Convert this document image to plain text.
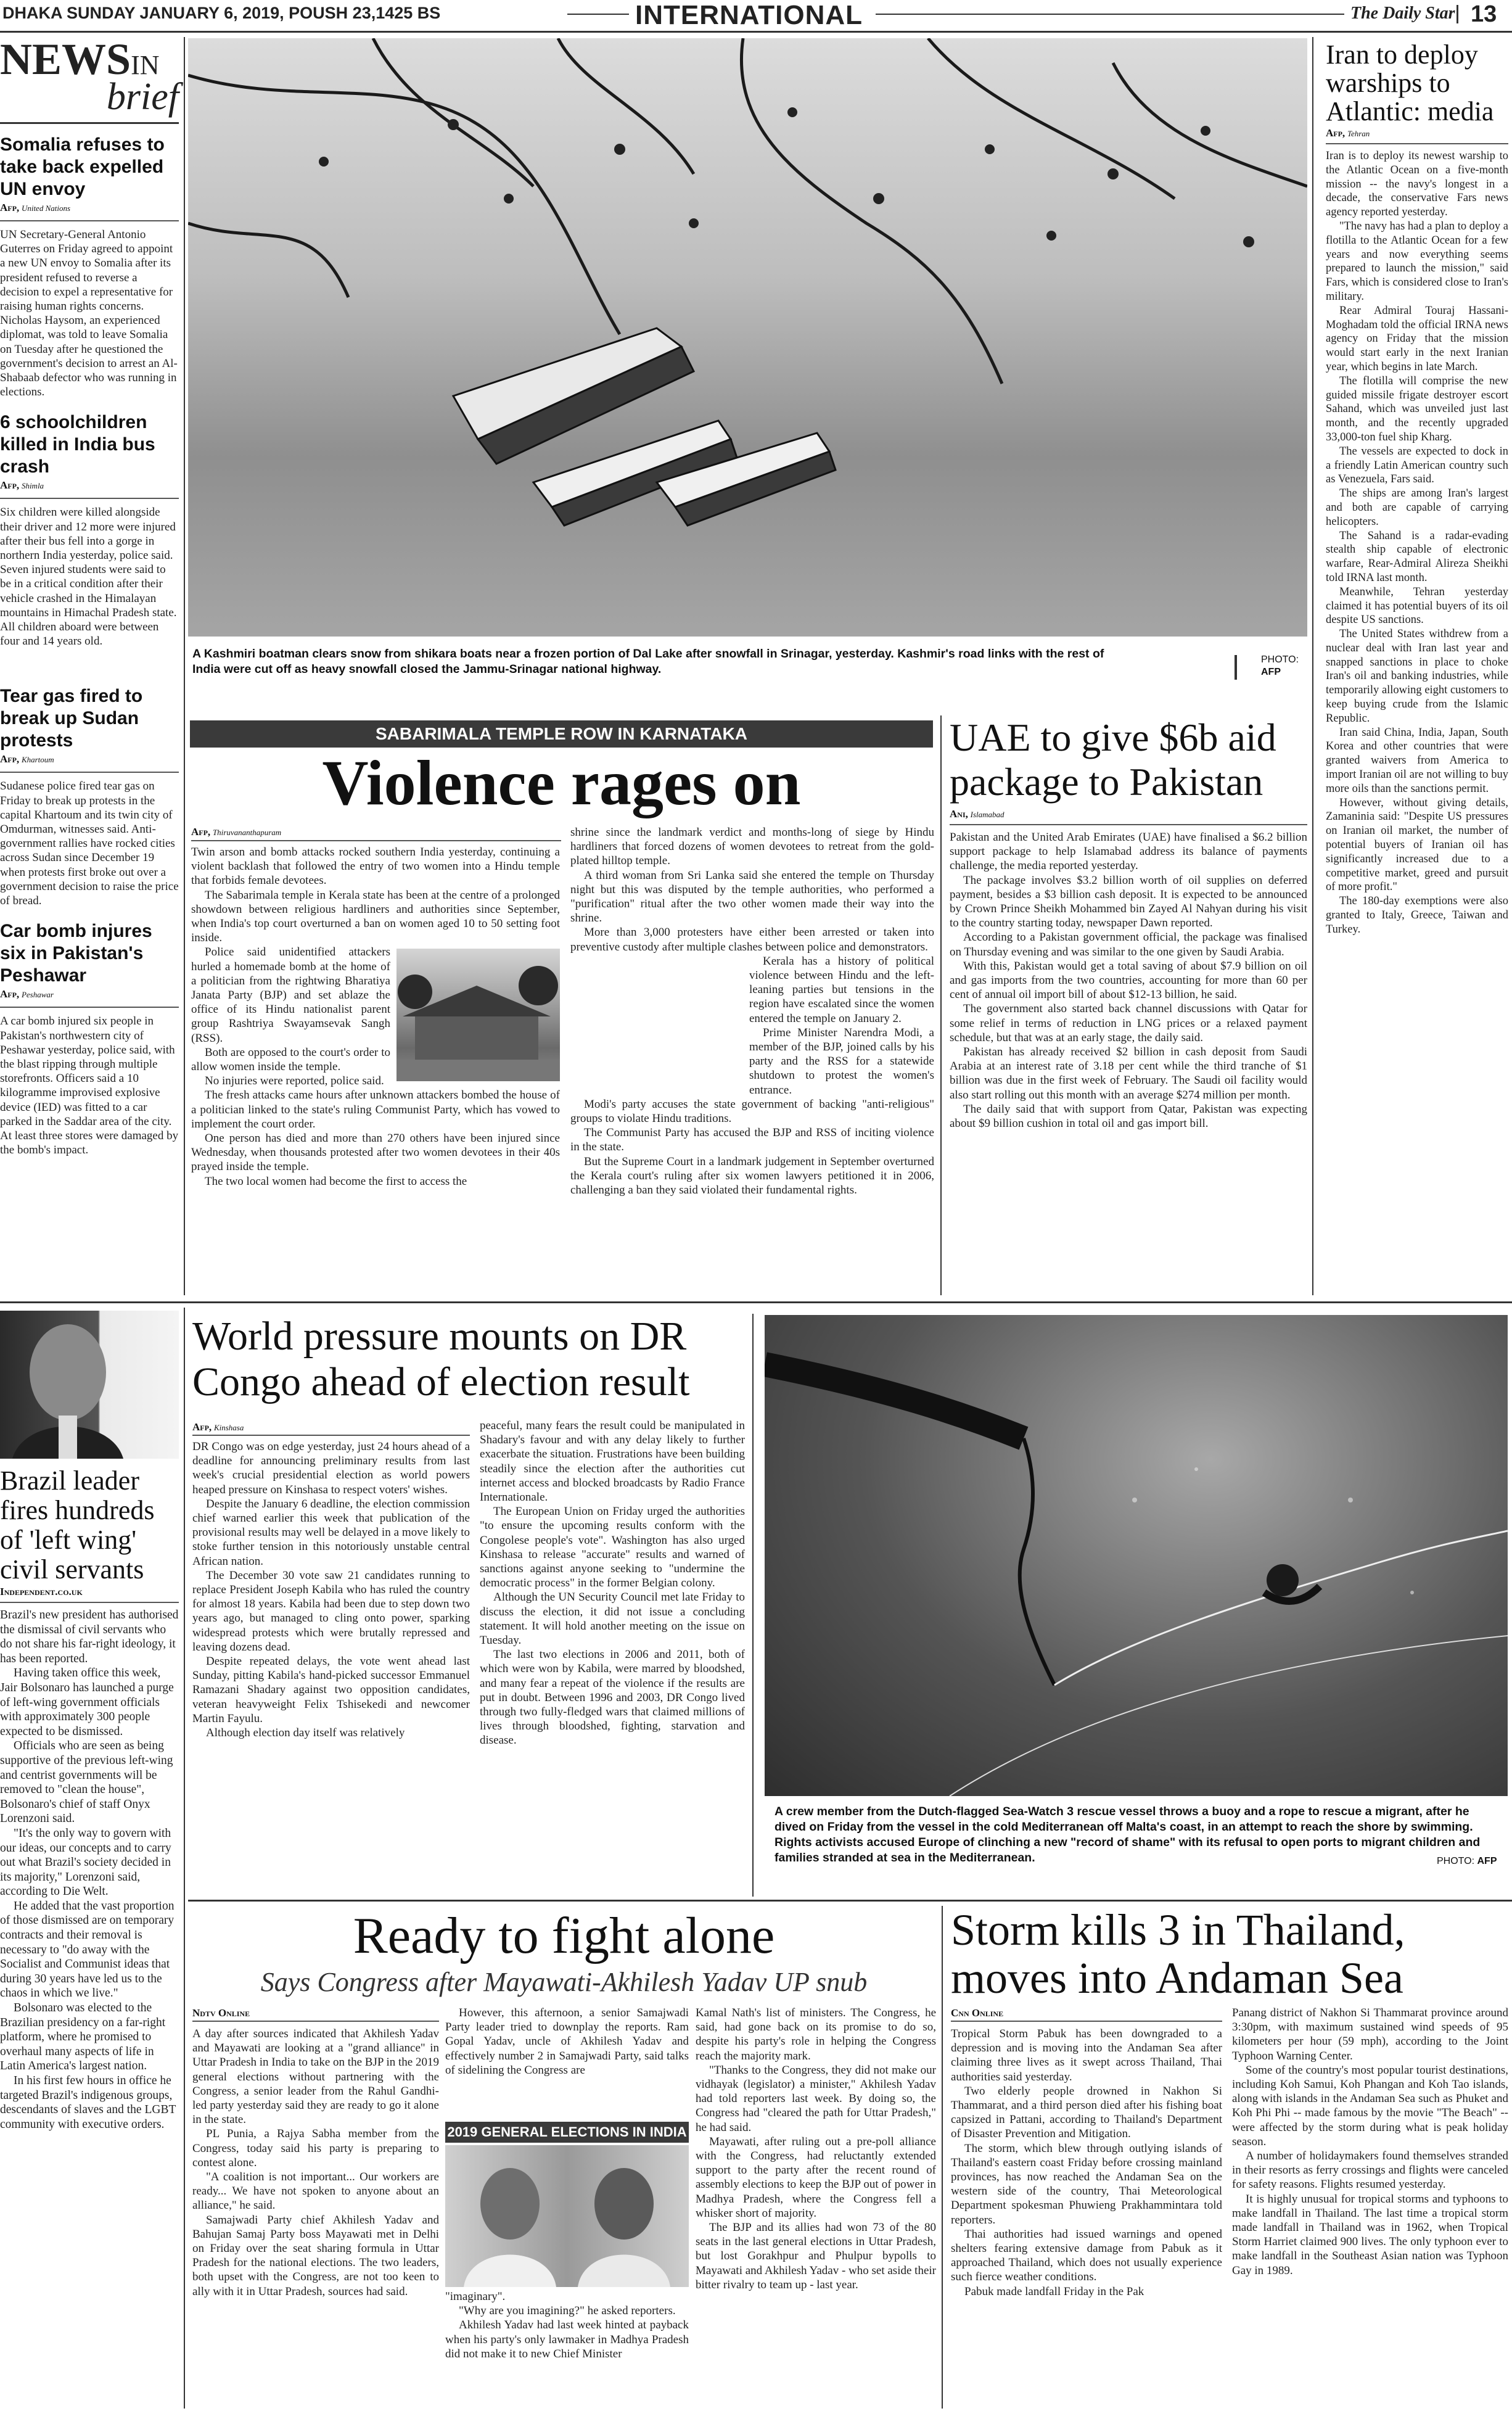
DHAKA SUNDAY JANUARY 6, 2019, POUSH 23,1425 BS	INTERNATIONAL	The Daily Star 13
NEWSIN
brief
Somalia refuses to take back expelled UN envoy
Afp, United Nations

UN Secretary-General Antonio Guterres on Friday agreed to appoint a new UN envoy to Somalia after its president refused to reverse a decision to expel a representative for raising human rights concerns. Nicholas Haysom, an experienced diplomat, was told to leave Somalia on Tuesday after he questioned the government's decision to arrest an Al-Shabaab defector who was running in elections.

6 schoolchildren killed in India bus crash
Afp, Shimla

Six children were killed alongside their driver and 12 more were injured after their bus fell into a gorge in northern India yesterday, police said. Seven injured students were said to be in a critical condition after their vehicle crashed in the Himalayan mountains in Himachal Pradesh state. All children aboard were between four and 14 years old.

Tear gas fired to break up Sudan protests
Afp, Khartoum

Sudanese police fired tear gas on Friday to break up protests in the capital Khartoum and its twin city of Omdurman, witnesses said. Anti-government rallies have rocked cities across Sudan since December 19 when protests first broke out over a government decision to raise the price of bread.

Car bomb injures six in Pakistan's Peshawar
Afp, Peshawar

A car bomb injured six people in Pakistan's northwestern city of Peshawar yesterday, police said, with the blast ripping through multiple storefronts. Officers said a 10 kilogramme improvised explosive device (IED) was fitted to a car parked in the Saddar area of the city. At least three stores were damaged by the bomb's impact.

A Kashmiri boatman clears snow from shikara boats near a frozen portion of Dal Lake after snowfall in Srinagar, yesterday. Kashmir's road links with the rest of India were cut off as heavy snowfall closed the Jammu-Srinagar national highway.
PHOTO:
AFP
Iran to deploy warships to Atlantic: media
Afp, Tehran

Iran is to deploy its newest warship to the Atlantic Ocean on a five-month mission -- the navy's longest in a decade, the conservative Fars news agency reported yesterday.

"The navy has had a plan to deploy a flotilla to the Atlantic Ocean for a few years and now everything seems prepared to launch the mission," said Fars, which is considered close to Iran's military.

Rear Admiral Touraj Hassani-Moghadam told the official IRNA news agency on Friday that the mission would start early in the next Iranian year, which begins in late March.

The flotilla will comprise the new guided missile frigate destroyer escort Sahand, which was unveiled just last month, and the recently upgraded 33,000-ton fuel ship Kharg.

The vessels are expected to dock in a friendly Latin American country such as Venezuela, Fars said.

The ships are among Iran's largest and both are capable of carrying helicopters.

The Sahand is a radar-evading stealth ship capable of electronic warfare, Rear-Admiral Alireza Sheikhi told IRNA last month.

Meanwhile, Tehran yesterday claimed it has potential buyers of its oil despite US sanctions.

The United States withdrew from a nuclear deal with Iran last year and snapped sanctions in place to choke Iran's oil and banking industries, while temporarily allowing eight customers to keep buying crude from the Islamic Republic.

Iran said China, India, Japan, South Korea and other countries that were granted waivers from America to import Iranian oil are not willing to buy more oils than the sanctions permit.

However, without giving details, Zamaninia said: "Despite US pressures on Iranian oil market, the number of potential buyers of Iranian oil has significantly increased due to a competitive market, greed and pursuit of more profit."

The 180-day exemptions were also granted to Italy, Greece, Taiwan and Turkey.

SABARIMALA TEMPLE ROW IN KARNATAKA
Violence rages on
Afp, Thiruvananthapuram

Twin arson and bomb attacks rocked southern India yesterday, continuing a violent backlash that followed the entry of two women into a Hindu temple that forbids female devotees.

The Sabarimala temple in Kerala state has been at the centre of a prolonged showdown between religious hardliners and authorities since September, when India's top court overturned a ban on women aged 10 to 50 setting foot inside.

Police said unidentified attackers hurled a homemade bomb at the home of a politician from the rightwing Bharatiya Janata Party (BJP) and set ablaze the office of its Hindu nationalist parent group Rashtriya Swayamsevak Sangh (RSS).

Both are opposed to the court's order to allow women inside the temple.

No injuries were reported, police said.

The fresh attacks came hours after unknown attackers bombed the house of a politician linked to the state's ruling Communist Party, which has vowed to implement the court order.

One person has died and more than 270 others have been injured since Wednesday, when thousands protested after two women devotees in their 40s prayed inside the temple.

The two local women had become the first to access the

shrine since the landmark verdict and months-long of siege by Hindu hardliners that forced dozens of women devotees to retreat from the gold-plated hilltop temple.

A third woman from Sri Lanka said she entered the temple on Thursday night but this was disputed by the temple authorities, who performed a "purification" ritual after the two other women made their way into the shrine.

More than 3,000 protesters have either been arrested or taken into preventive custody after multiple clashes between police and demonstrators.

Kerala has a history of political violence between Hindu and the left-leaning parties but tensions in the region have escalated since the women entered the temple on January 2.

Prime Minister Narendra Modi, a member of the BJP, joined calls by his party and the RSS for a statewide shutdown to protest the women's entrance.

Modi's party accuses the state government of backing "anti-religious" groups to violate Hindu traditions.

The Communist Party has accused the BJP and RSS of inciting violence in the state.

But the Supreme Court in a landmark judgement in September overturned the Kerala court's ruling after six women lawyers petitioned it in 2006, challenging a ban they said violated their fundamental rights.

UAE to give $6b aid package to Pakistan
Ani, Islamabad

Pakistan and the United Arab Emirates (UAE) have finalised a $6.2 billion support package to help Islamabad address its balance of payments challenge, the media reported yesterday.

The package involves $3.2 billion worth of oil supplies on deferred payment, besides a $3 billion cash deposit. It is expected to be announced by Crown Prince Sheikh Mohammed bin Zayed Al Nahyan during his visit to the country starting today, newspaper Dawn reported.

According to a Pakistan government official, the package was finalised on Thursday evening and was similar to the one given by Saudi Arabia.

With this, Pakistan would get a total saving of about $7.9 billion on oil and gas imports from the two countries, accounting for more than 60 per cent of annual oil import bill of about $12-13 billion, he said.

The government also started back channel discussions with Qatar for some relief in terms of reduction in LNG prices or a relaxed payment schedule, but that was at an early stage, the daily said.

Pakistan has already received $2 billion in cash deposit from Saudi Arabia at an interest rate of 3.18 per cent while the third tranche of $1 billion was due in the first week of February. The Saudi oil facility would also start rolling out this month with an average $274 million per month.

The daily said that with support from Qatar, Pakistan was expecting about $9 billion cushion in total oil and gas import bill.

Brazil leader fires hundreds of 'left wing' civil servants
Independent.co.uk

Brazil's new president has authorised the dismissal of civil servants who do not share his far-right ideology, it has been reported.

Having taken office this week, Jair Bolsonaro has launched a purge of left-wing government officials with approximately 300 people expected to be dismissed.

Officials who are seen as being supportive of the previous left-wing and centrist governments will be removed to "clean the house", Bolsonaro's chief of staff Onyx Lorenzoni said.

"It's the only way to govern with our ideas, our concepts and to carry out what Brazil's society decided in its majority," Lorenzoni said, according to Die Welt.

He added that the vast proportion of those dismissed are on temporary contracts and their removal is necessary to "do away with the Socialist and Communist ideas that during 30 years have led us to the chaos in which we live."

Bolsonaro was elected to the Brazilian presidency on a far-right platform, where he promised to overhaul many aspects of life in Latin America's largest nation.

In his first few hours in office he targeted Brazil's indigenous groups, descendants of slaves and the LGBT community with executive orders.

World pressure mounts on DR Congo ahead of election result
Afp, Kinshasa

DR Congo was on edge yesterday, just 24 hours ahead of a deadline for announcing preliminary results from last week's crucial presidential election as world powers heaped pressure on Kinshasa to respect voters' wishes.

Despite the January 6 deadline, the election commission chief warned earlier this week that publication of the provisional results may well be delayed in a move likely to stoke further tension in this notoriously unstable central African nation.

The December 30 vote saw 21 candidates running to replace President Joseph Kabila who has ruled the country for almost 18 years. Kabila had been due to step down two years ago, but managed to cling onto power, sparking widespread protests which were brutally repressed and leaving dozens dead.

Despite repeated delays, the vote went ahead last Sunday, pitting Kabila's hand-picked successor Emmanuel Ramazani Shadary against two opposition candidates, veteran heavyweight Felix Tshisekedi and newcomer Martin Fayulu.

Although election day itself was relatively

peaceful, many fears the result could be manipulated in Shadary's favour and with any delay likely to further exacerbate the situation. Frustrations have been building steadily since the election after the authorities cut internet access and blocked broadcasts by Radio France Internationale.

The European Union on Friday urged the authorities "to ensure the upcoming results conform with the Congolese people's vote". Washington has also urged Kinshasa to release "accurate" results and warned of sanctions against anyone seeking to "undermine the democratic process" in the former Belgian colony.

Although the UN Security Council met late Friday to discuss the election, it did not issue a concluding statement. It will hold another meeting on the issue on Tuesday.

The last two elections in 2006 and 2011, both of which were won by Kabila, were marred by bloodshed, and many fear a repeat of the violence if the results are put in doubt. Between 1996 and 2003, DR Congo lived through two fully-fledged wars that claimed millions of lives through bloodshed, fighting, starvation and disease.

A crew member from the Dutch-flagged Sea-Watch 3 rescue vessel throws a buoy and a rope to rescue a migrant, after he dived on Friday from the vessel in the cold Mediterranean off Malta's coast, in an attempt to reach the shore by swimming. Rights activists accused Europe of clinching a new "record of shame" with its refusal to open ports to migrant children and families stranded at sea in the Mediterranean.	PHOTO: AFP
Ready to fight alone
Says Congress after Mayawati-Akhilesh Yadav UP snub
Ndtv Online

A day after sources indicated that Akhilesh Yadav and Mayawati are looking at a "grand alliance" in Uttar Pradesh in India to take on the BJP in the 2019 general elections without partnering with the Congress, a senior leader from the Rahul Gandhi-led party yesterday said they are ready to go it alone in the state.

PL Punia, a Rajya Sabha member from the Congress, today said his party is preparing to contest alone.

"A coalition is not important... Our workers are ready... We have not spoken to anyone about an alliance," he said.

Samajwadi Party chief Akhilesh Yadav and Bahujan Samaj Party boss Mayawati met in Delhi on Friday over the seat sharing formula in Uttar Pradesh for the national elections. The two leaders, both upset with the Congress, are not too keen to ally with it in Uttar Pradesh, sources had said.

However, this afternoon, a senior Samajwadi Party leader tried to downplay the reports. Ram Gopal Yadav, uncle of Akhilesh Yadav and effectively number 2 in Samajwadi Party, said talks of sidelining the Congress are

2019 GENERAL ELECTIONS IN INDIA

"imaginary".

"Why are you imagining?" he asked reporters.

Akhilesh Yadav had last week hinted at payback when his party's only lawmaker in Madhya Pradesh did not make it to new Chief Minister

Kamal Nath's list of ministers. The Congress, he said, had gone back on its promise to do so, despite his party's role in helping the Congress reach the majority mark.

"Thanks to the Congress, they did not make our vidhayak (legislator) a minister," Akhilesh Yadav had told reporters last week. By doing so, the Congress had "cleared the path for Uttar Pradesh," he had said.

Mayawati, after ruling out a pre-poll alliance with the Congress, had reluctantly extended support to the party after the recent round of assembly elections to keep the BJP out of power in Madhya Pradesh, where the Congress fell a whisker short of majority.

The BJP and its allies had won 73 of the 80 seats in the last general elections in Uttar Pradesh, but lost Gorakhpur and Phulpur bypolls to Mayawati and Akhilesh Yadav - who set aside their bitter rivalry to team up - last year.

Storm kills 3 in Thailand, moves into Andaman Sea
Cnn Online

Tropical Storm Pabuk has been downgraded to a depression and is moving into the Andaman Sea after claiming three lives as it swept across Thailand, Thai authorities said yesterday.

Two elderly people drowned in Nakhon Si Thammarat, and a third person died after his fishing boat capsized in Pattani, according to Thailand's Department of Disaster Prevention and Mitigation.

The storm, which blew through outlying islands of Thailand's eastern coast Friday before crossing mainland provinces, has now reached the Andaman Sea on the western side of the country, Thai Meteorological Department spokesman Phuwieng Prakhammintara told reporters.

Thai authorities had issued warnings and opened shelters fearing extensive damage from Pabuk as it approached Thailand, which does not usually experience such fierce weather conditions.

Pabuk made landfall Friday in the Pak

Panang district of Nakhon Si Thammarat province around 3:30pm, with maximum sustained wind speeds of 95 kilometers per hour (59 mph), according to the Joint Typhoon Warning Center.

Some of the country's most popular tourist destinations, including Koh Samui, Koh Phangan and Koh Tao islands, along with islands in the Andaman Sea such as Phuket and Koh Phi Phi -- made famous by the movie "The Beach" -- were affected by the storm during what is peak holiday season.

A number of holidaymakers found themselves stranded in their resorts as ferry crossings and flights were canceled for safety reasons. Flights resumed yesterday.

It is highly unusual for tropical storms and typhoons to make landfall in Thailand. The last time a tropical storm made landfall in Thailand was in 1962, when Tropical Storm Harriet claimed 900 lives. The only typhoon ever to make landfall in the Southeast Asian nation was Typhoon Gay in 1989.
